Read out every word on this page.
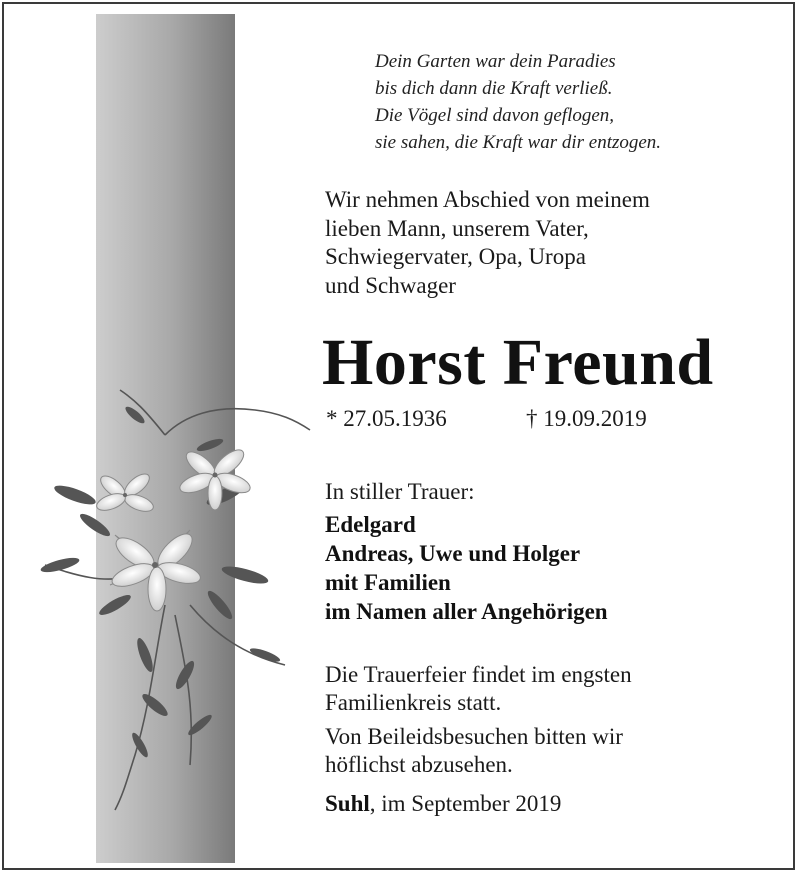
Dein Garten war dein Paradies
bis dich dann die Kraft verließ.
Die Vögel sind davon geflogen,
sie sahen, die Kraft war dir entzogen.
Wir nehmen Abschied von meinem
lieben Mann, unserem Vater,
Schwiegervater, Opa, Uropa
und Schwager
Horst Freund
* 27.05.1936	† 19.09.2019
In stiller Trauer:
Edelgard
Andreas, Uwe und Holger
mit Familien
im Namen aller Angehörigen
Die Trauerfeier findet im engsten
Familienkreis statt.
Von Beileidsbesuchen bitten wir
höflichst abzusehen.
Suhl, im September 2019
